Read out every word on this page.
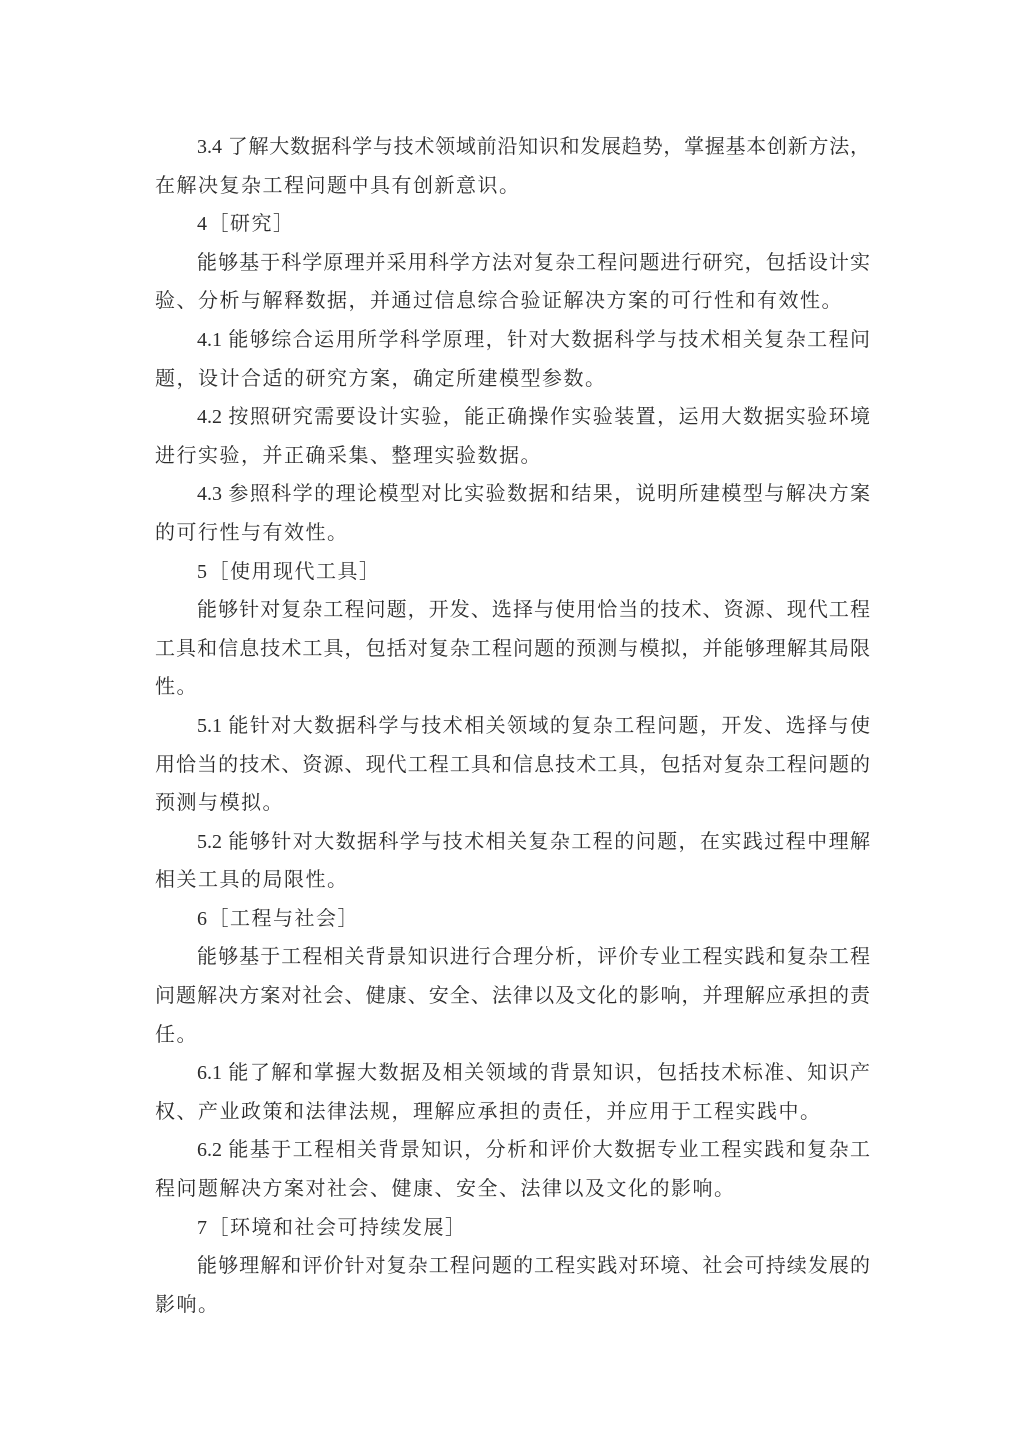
3.4 了解大数据科学与技术领域前沿知识和发展趋势，掌握基本创新方法，
在解决复杂工程问题中具有创新意识。
4［研究］
能够基于科学原理并采用科学方法对复杂工程问题进行研究，包括设计实
验、分析与解释数据，并通过信息综合验证解决方案的可行性和有效性。
4.1 能够综合运用所学科学原理，针对大数据科学与技术相关复杂工程问
题，设计合适的研究方案，确定所建模型参数。
4.2 按照研究需要设计实验，能正确操作实验装置，运用大数据实验环境
进行实验，并正确采集、整理实验数据。
4.3 参照科学的理论模型对比实验数据和结果，说明所建模型与解决方案
的可行性与有效性。
5［使用现代工具］
能够针对复杂工程问题，开发、选择与使用恰当的技术、资源、现代工程
工具和信息技术工具，包括对复杂工程问题的预测与模拟，并能够理解其局限
性。
5.1 能针对大数据科学与技术相关领域的复杂工程问题，开发、选择与使
用恰当的技术、资源、现代工程工具和信息技术工具，包括对复杂工程问题的
预测与模拟。
5.2 能够针对大数据科学与技术相关复杂工程的问题，在实践过程中理解
相关工具的局限性。
6［工程与社会］
能够基于工程相关背景知识进行合理分析，评价专业工程实践和复杂工程
问题解决方案对社会、健康、安全、法律以及文化的影响，并理解应承担的责
任。
6.1 能了解和掌握大数据及相关领域的背景知识，包括技术标准、知识产
权、产业政策和法律法规，理解应承担的责任，并应用于工程实践中。
6.2 能基于工程相关背景知识，分析和评价大数据专业工程实践和复杂工
程问题解决方案对社会、健康、安全、法律以及文化的影响。
7［环境和社会可持续发展］
能够理解和评价针对复杂工程问题的工程实践对环境、社会可持续发展的
影响。
